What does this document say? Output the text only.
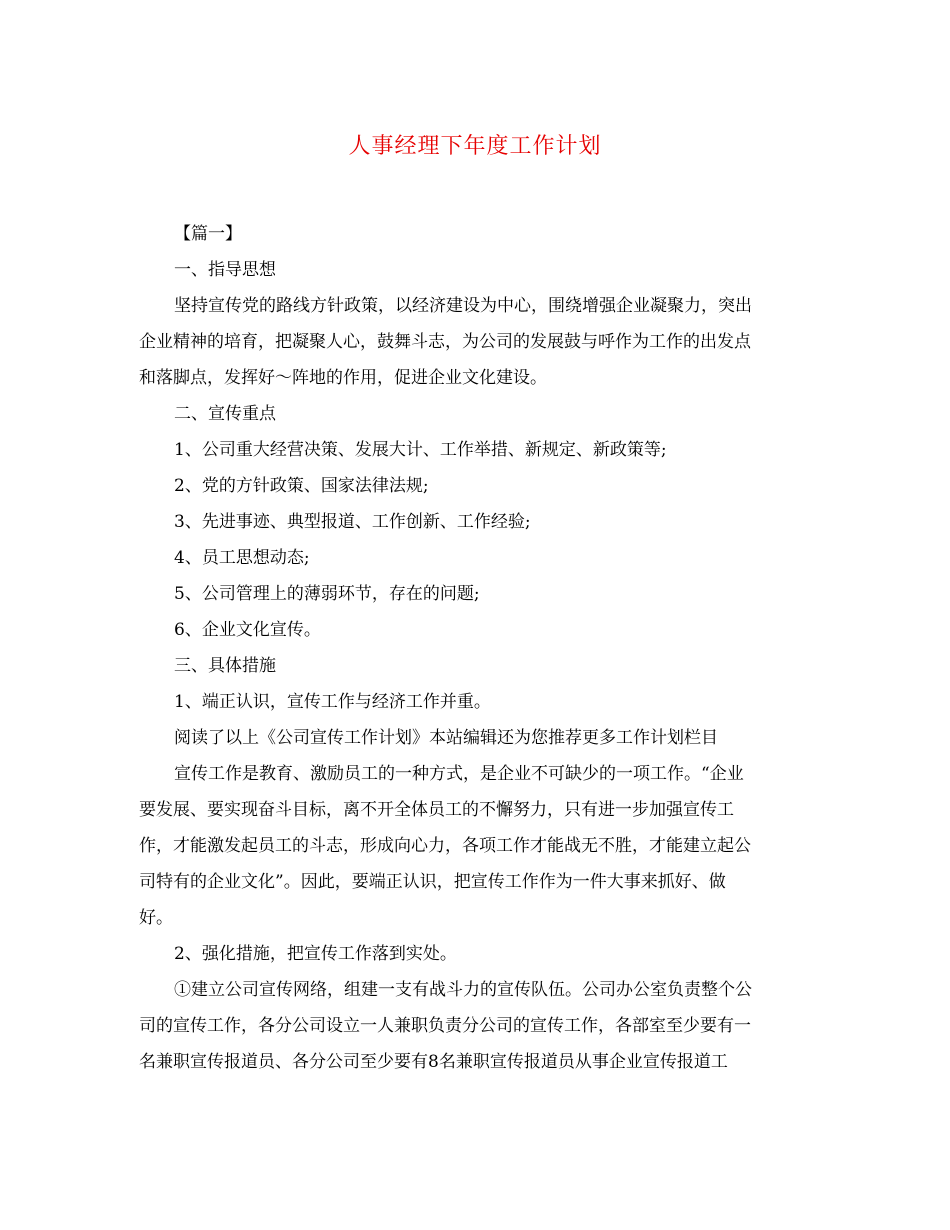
人事经理下年度工作计划
【篇一】
一、指导思想
坚持宣传党的路线方针政策，以经济建设为中心，围绕增强企业凝聚力，突出
企业精神的培育，把凝聚人心，鼓舞斗志，为公司的发展鼓与呼作为工作的出发点
和落脚点，发挥好～阵地的作用，促进企业文化建设。
二、宣传重点
1、公司重大经营决策、发展大计、工作举措、新规定、新政策等;
2、党的方针政策、国家法律法规;
3、先进事迹、典型报道、工作创新、工作经验;
4、员工思想动态;
5、公司管理上的薄弱环节，存在的问题;
6、企业文化宣传。
三、具体措施
1、端正认识，宣传工作与经济工作并重。
阅读了以上《公司宣传工作计划》本站编辑还为您推荐更多工作计划栏目
宣传工作是教育、激励员工的一种方式，是企业不可缺少的一项工作。“企业
要发展、要实现奋斗目标，离不开全体员工的不懈努力，只有进一步加强宣传工
作，才能激发起员工的斗志，形成向心力，各项工作才能战无不胜，才能建立起公
司特有的企业文化”。因此，要端正认识，把宣传工作作为一件大事来抓好、做
好。
2、强化措施，把宣传工作落到实处。
①建立公司宣传网络，组建一支有战斗力的宣传队伍。公司办公室负责整个公
司的宣传工作，各分公司设立一人兼职负责分公司的宣传工作，各部室至少要有一
名兼职宣传报道员、各分公司至少要有8名兼职宣传报道员从事企业宣传报道工
